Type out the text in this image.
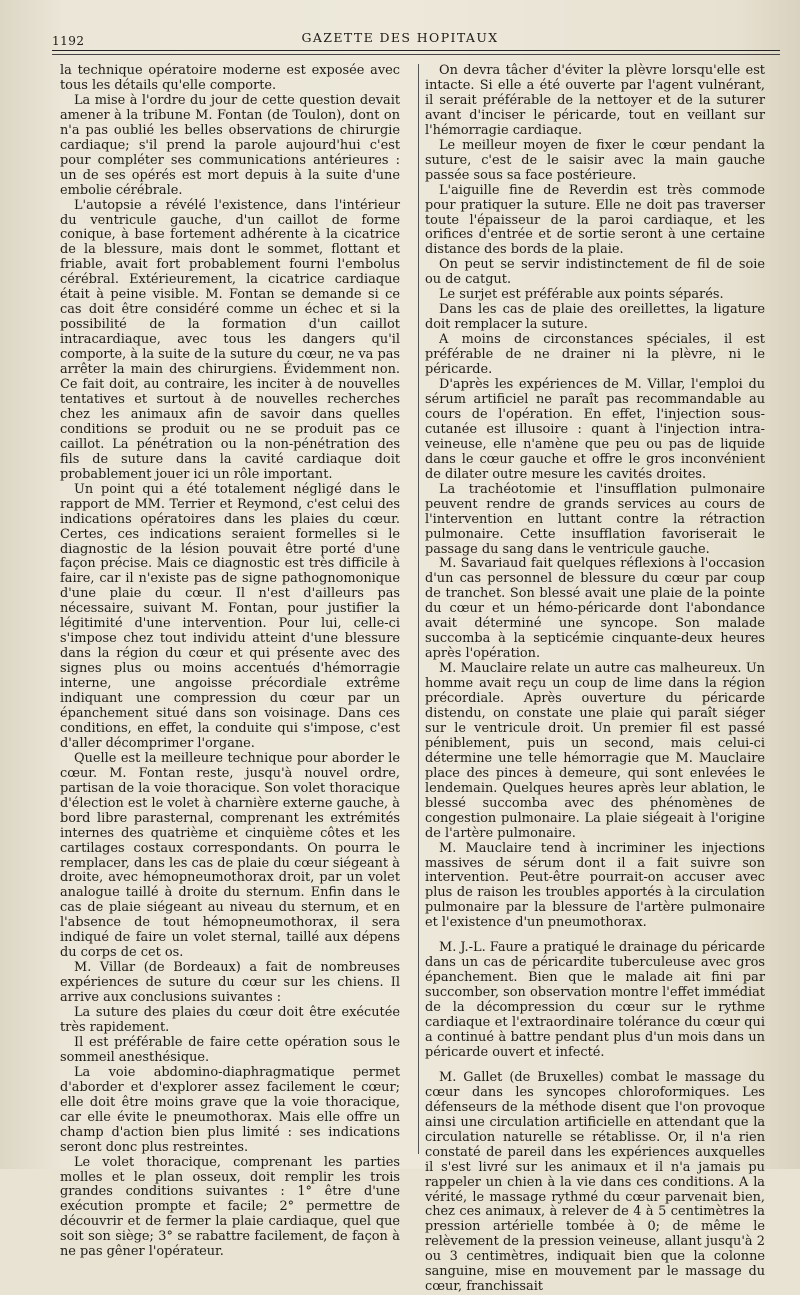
1192	GAZETTE DES HOPITAUX

la technique opératoire moderne est exposée avec tous les détails qu'elle comporte.

La mise à l'ordre du jour de cette question devait amener à la tribune M. Fontan (de Toulon), dont on n'a pas oublié les belles observations de chirurgie cardiaque; s'il prend la parole aujourd'hui c'est pour compléter ses communications antérieures : un de ses opérés est mort depuis à la suite d'une embolie cérébrale.

L'autopsie a révélé l'existence, dans l'intérieur du ventricule gauche, d'un caillot de forme conique, à base fortement adhérente à la cicatrice de la blessure, mais dont le sommet, flottant et friable, avait fort probablement fourni l'embolus cérébral. Extérieurement, la cicatrice cardiaque était à peine visible. M. Fontan se demande si ce cas doit être considéré comme un échec et si la possibilité de la formation d'un caillot intracardiaque, avec tous les dangers qu'il comporte, à la suite de la suture du cœur, ne va pas arrêter la main des chirurgiens. Évidemment non. Ce fait doit, au contraire, les inciter à de nouvelles tentatives et surtout à de nouvelles recherches chez les animaux afin de savoir dans quelles conditions se produit ou ne se produit pas ce caillot. La pénétration ou la non-pénétration des fils de suture dans la cavité cardiaque doit probablement jouer ici un rôle important.

Un point qui a été totalement négligé dans le rapport de MM. Terrier et Reymond, c'est celui des indications opératoires dans les plaies du cœur. Certes, ces indications seraient formelles si le diagnostic de la lésion pouvait être porté d'une façon précise. Mais ce diagnostic est très difficile à faire, car il n'existe pas de signe pathognomonique d'une plaie du cœur. Il n'est d'ailleurs pas nécessaire, suivant M. Fontan, pour justifier la légitimité d'une intervention. Pour lui, celle-ci s'impose chez tout individu atteint d'une blessure dans la région du cœur et qui présente avec des signes plus ou moins accentués d'hémorragie interne, une angoisse précordiale extrême indiquant une compression du cœur par un épanchement situé dans son voisinage. Dans ces conditions, en effet, la conduite qui s'impose, c'est d'aller décomprimer l'organe.

Quelle est la meilleure technique pour aborder le cœur. M. Fontan reste, jusqu'à nouvel ordre, partisan de la voie thoracique. Son volet thoracique d'élection est le volet à charnière externe gauche, à bord libre parasternal, comprenant les extrémités internes des quatrième et cinquième côtes et les cartilages costaux correspondants. On pourra le remplacer, dans les cas de plaie du cœur siégeant à droite, avec hémopneumothorax droit, par un volet analogue taillé à droite du sternum. Enfin dans le cas de plaie siégeant au niveau du sternum, et en l'absence de tout hémopneumothorax, il sera indiqué de faire un volet sternal, taillé aux dépens du corps de cet os.

M. Villar (de Bordeaux) a fait de nombreuses expériences de suture du cœur sur les chiens. Il arrive aux conclusions suivantes :

La suture des plaies du cœur doit être exécutée très rapidement.

Il est préférable de faire cette opération sous le sommeil anesthésique.

La voie abdomino-diaphragmatique permet d'aborder et d'explorer assez facilement le cœur; elle doit être moins grave que la voie thoracique, car elle évite le pneumothorax. Mais elle offre un champ d'action bien plus limité : ses indications seront donc plus restreintes.

Le volet thoracique, comprenant les parties molles et le plan osseux, doit remplir les trois grandes conditions suivantes : 1° être d'une exécution prompte et facile; 2° permettre de découvrir et de fermer la plaie cardiaque, quel que soit son siège; 3° se rabattre facilement, de façon à ne pas gêner l'opérateur.

On devra tâcher d'éviter la plèvre lorsqu'elle est intacte. Si elle a été ouverte par l'agent vulnérant, il serait préférable de la nettoyer et de la suturer avant d'inciser le péricarde, tout en veillant sur l'hémorragie cardiaque.

Le meilleur moyen de fixer le cœur pendant la suture, c'est de le saisir avec la main gauche passée sous sa face postérieure.

L'aiguille fine de Reverdin est très commode pour pratiquer la suture. Elle ne doit pas traverser toute l'épaisseur de la paroi cardiaque, et les orifices d'entrée et de sortie seront à une certaine distance des bords de la plaie.

On peut se servir indistinctement de fil de soie ou de catgut.

Le surjet est préférable aux points séparés.

Dans les cas de plaie des oreillettes, la ligature doit remplacer la suture.

A moins de circonstances spéciales, il est préférable de ne drainer ni la plèvre, ni le péricarde.

D'après les expériences de M. Villar, l'emploi du sérum artificiel ne paraît pas recommandable au cours de l'opération. En effet, l'injection sous-cutanée est illusoire : quant à l'injection intra-veineuse, elle n'amène que peu ou pas de liquide dans le cœur gauche et offre le gros inconvénient de dilater outre mesure les cavités droites.

La trachéotomie et l'insufflation pulmonaire peuvent rendre de grands services au cours de l'intervention en luttant contre la rétraction pulmonaire. Cette insufflation favoriserait le passage du sang dans le ventricule gauche.

M. Savariaud fait quelques réflexions à l'occasion d'un cas personnel de blessure du cœur par coup de tranchet. Son blessé avait une plaie de la pointe du cœur et un hémo-péricarde dont l'abondance avait déterminé une syncope. Son malade succomba à la septicémie cinquante-deux heures après l'opération.

M. Mauclaire relate un autre cas malheureux. Un homme avait reçu un coup de lime dans la région précordiale. Après ouverture du péricarde distendu, on constate une plaie qui paraît siéger sur le ventricule droit. Un premier fil est passé péniblement, puis un second, mais celui-ci détermine une telle hémorragie que M. Mauclaire place des pinces à demeure, qui sont enlevées le lendemain. Quelques heures après leur ablation, le blessé succomba avec des phénomènes de congestion pulmonaire. La plaie siégeait à l'origine de l'artère pulmonaire.

M. Mauclaire tend à incriminer les injections massives de sérum dont il a fait suivre son intervention. Peut-être pourrait-on accuser avec plus de raison les troubles apportés à la circulation pulmonaire par la blessure de l'artère pulmonaire et l'existence d'un pneumothorax.

M. J.-L. Faure a pratiqué le drainage du péricarde dans un cas de péricardite tuberculeuse avec gros épanchement. Bien que le malade ait fini par succomber, son observation montre l'effet immédiat de la décompression du cœur sur le rythme cardiaque et l'extraordinaire tolérance du cœur qui a continué à battre pendant plus d'un mois dans un péricarde ouvert et infecté.

M. Gallet (de Bruxelles) combat le massage du cœur dans les syncopes chloroformiques. Les défenseurs de la méthode disent que l'on provoque ainsi une circulation artificielle en attendant que la circulation naturelle se rétablisse. Or, il n'a rien constaté de pareil dans les expériences auxquelles il s'est livré sur les animaux et il n'a jamais pu rappeler un chien à la vie dans ces conditions. A la vérité, le massage rythmé du cœur parvenait bien, chez ces animaux, à relever de 4 à 5 centimètres la pression artérielle tombée à 0; de même le relèvement de la pression veineuse, allant jusqu'à 2 ou 3 centimètres, indiquait bien que la colonne sanguine, mise en mouvement par le massage du cœur, franchissait
